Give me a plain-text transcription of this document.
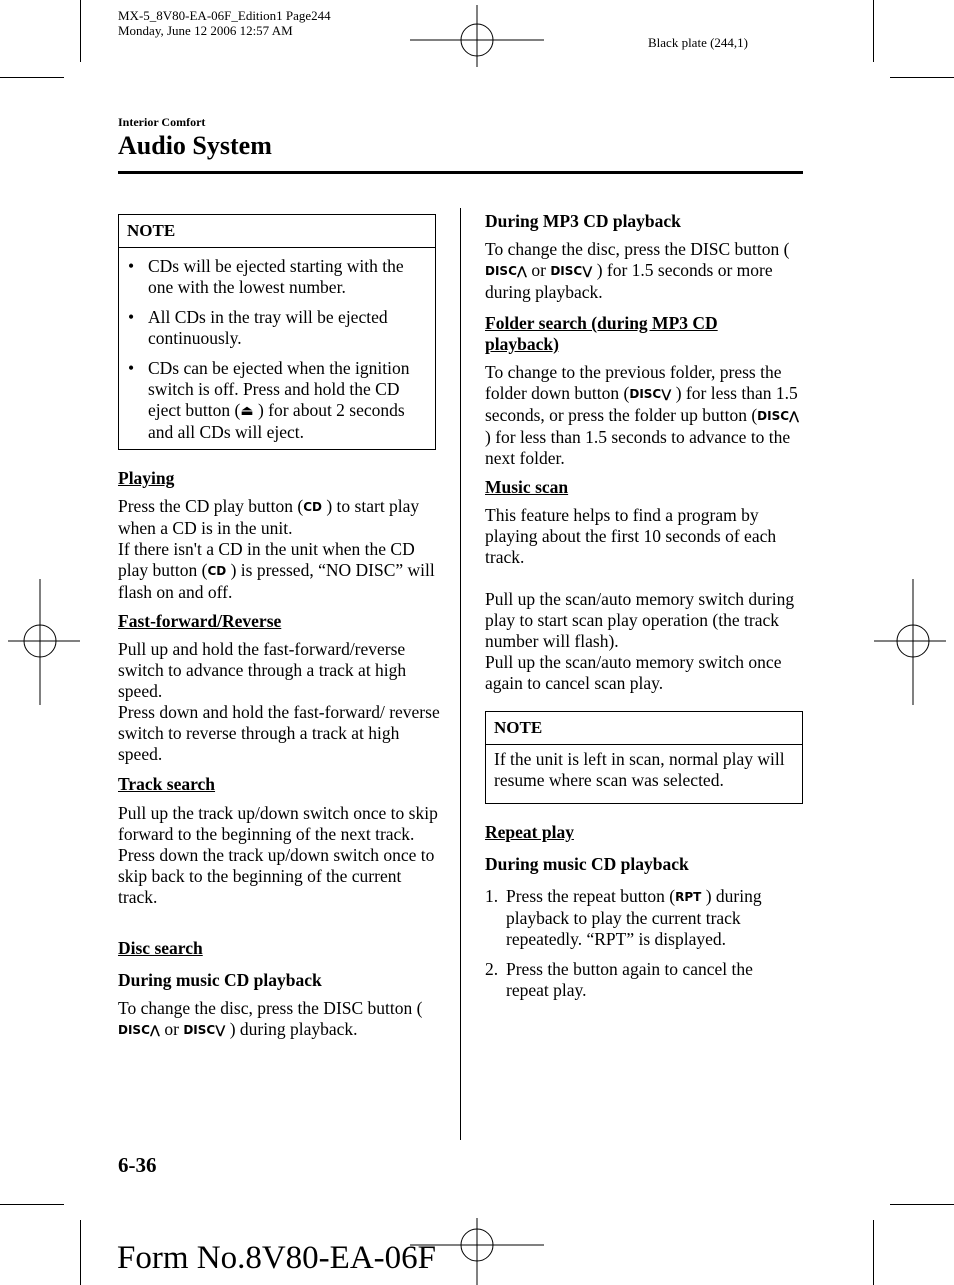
MX-5_8V80-EA-06F_Edition1 Page244
Monday, June 12 2006 12:57 AM
Black plate (244,1)
Interior Comfort
Audio System
NOTE
• CDs will be ejected starting with the one with the lowest number.
• All CDs in the tray will be ejected continuously.
• CDs can be ejected when the ignition switch is off. Press and hold the CD eject button (⏏ ) for about 2 seconds and all CDs will eject.
Playing
Press the CD play button (CD ) to start play when a CD is in the unit.
If there isn't a CD in the unit when the CD play button (CD ) is pressed, “NO DISC” will flash on and off.
Fast-forward/Reverse
Pull up and hold the fast-forward/reverse switch to advance through a track at high speed.
Press down and hold the fast-forward/ reverse switch to reverse through a track at high speed.
Track search
Pull up the track up/down switch once to skip forward to the beginning of the next track.
Press down the track up/down switch once to skip back to the beginning of the current track.
Disc search
During music CD playback
To change the disc, press the DISC button (DISC⋀ or DISC⋁ ) during playback.
During MP3 CD playback
To change the disc, press the DISC button (DISC⋀ or DISC⋁ ) for 1.5 seconds or more during playback.
Folder search (during MP3 CD playback)
To change to the previous folder, press the folder down button (DISC⋁ ) for less than 1.5 seconds, or press the folder up button (DISC⋀ ) for less than 1.5 seconds to advance to the next folder.
Music scan
This feature helps to find a program by playing about the first 10 seconds of each track.
Pull up the scan/auto memory switch during play to start scan play operation (the track number will flash).
Pull up the scan/auto memory switch once again to cancel scan play.
NOTE
If the unit is left in scan, normal play will resume where scan was selected.
Repeat play
During music CD playback
1. Press the repeat button (RPT ) during playback to play the current track repeatedly. “RPT” is displayed.
2. Press the button again to cancel the repeat play.
6-36
Form No.8V80-EA-06F
